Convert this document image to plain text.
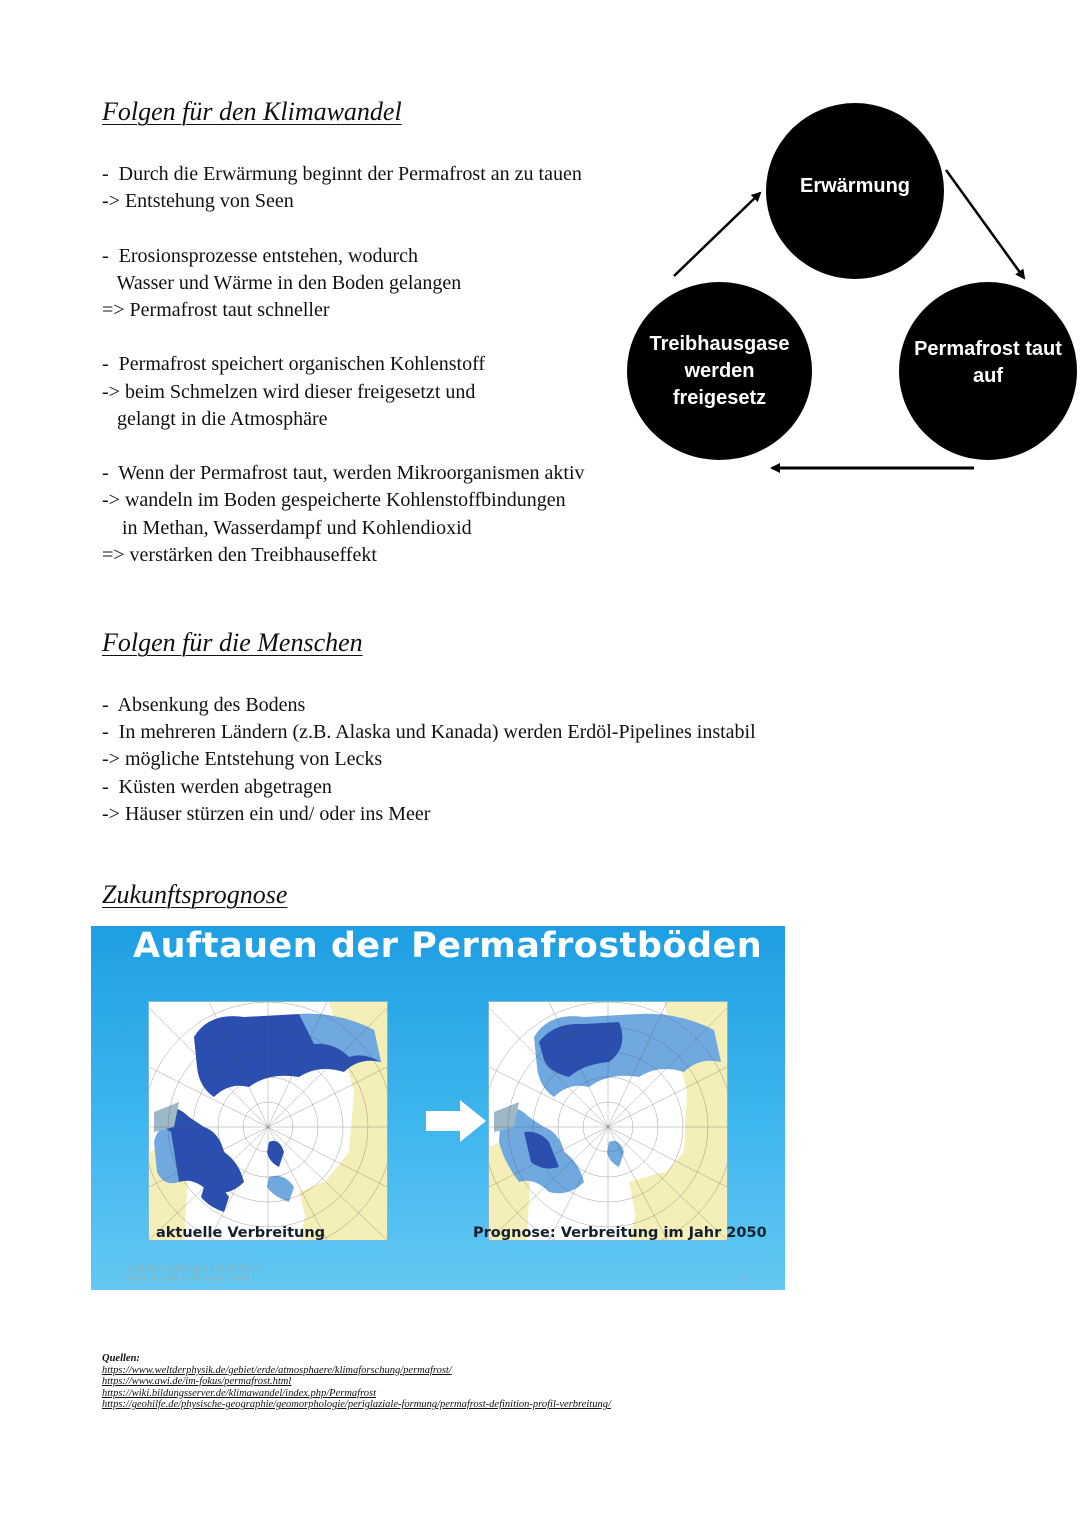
Folgen für den Klimawandel
-  Durch die Erwärmung beginnt der Permafrost an zu tauen
-> Entstehung von Seen

-  Erosionsprozesse entstehen, wodurch
Wasser und Wärme in den Boden gelangen
=> Permafrost taut schneller

-  Permafrost speichert organischen Kohlenstoff
-> beim Schmelzen wird dieser freigesetzt und
gelangt in die Atmosphäre

-  Wenn der Permafrost taut, werden Mikroorganismen aktiv
-> wandeln im Boden gespeicherte Kohlenstoffbindungen
in Methan, Wasserdampf und Kohlendioxid
=> verstärken den Treibhauseffekt
Erwärmung
Treibhausgase
werden
freigesetz
Permafrost taut
auf
Folgen für die Menschen
-  Absenkung des Bodens
-  In mehreren Ländern (z.B. Alaska und Kanada) werden Erdöl-Pipelines instabil
-> mögliche Entstehung von Lecks
-  Küsten werden abgetragen
-> Häuser stürzen ein und/ oder ins Meer
Zukunftsprognose
Auftauen der Permafrostböden
aktuelle Verbreitung	Prognose: Verbreitung im Jahr 2050
Ingenieurhydrologie I SoSe 2013
Stephan Leiß & Thomas Gruhl	10
Quellen:
https://www.weltderphysik.de/gebiet/erde/atmosphaere/klimaforschung/permafrost/
https://www.awi.de/im-fokus/permafrost.html
https://wiki.bildungsserver.de/klimawandel/index.php/Permafrost
https://geohilfe.de/physische-geographie/geomorphologie/periglaziale-formung/permafrost-definition-profil-verbreitung/
